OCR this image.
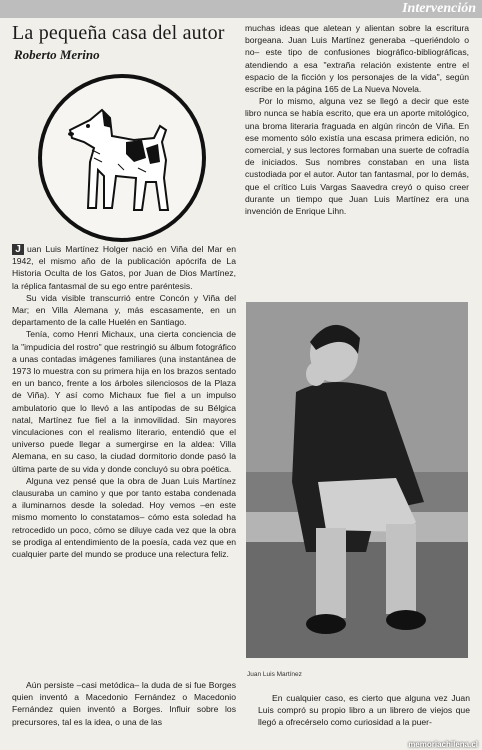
Intervención
La pequeña casa del autor
Roberto Merino

J uan Luis Martínez Holger nació en Viña del Mar en 1942, el mismo año de la publicación apócrifa de La Historia Oculta de los Gatos, por Juan de Dios Martínez, la réplica fantasmal de su ego entre paréntesis.

Su vida visible transcurrió entre Concón y Viña del Mar; en Villa Alemana y, más escasamente, en un departamento de la calle Huelén en Santiago.

Tenía, como Henri Michaux, una cierta conciencia de la "impudicia del rostro" que restringió su álbum fotográfico a unas contadas imágenes familiares (una instantánea de 1973 lo muestra con su primera hija en los brazos sentado en un banco, frente a los árboles silenciosos de la Plaza de Viña). Y así como Michaux fue fiel a un impulso ambulatorio que lo llevó a las antípodas de su Bélgica natal, Martínez fue fiel a la inmovilidad. Sin mayores vinculaciones con el realismo literario, entendió que el universo puede llegar a sumergirse en la aldea: Villa Alemana, en su caso, la ciudad dormitorio donde pasó la última parte de su vida y donde concluyó su obra poética.

Alguna vez pensé que la obra de Juan Luis Martínez clausuraba un camino y que por tanto estaba condenada a iluminarnos desde la soledad. Hoy vemos –en este mismo momento lo constatamos– cómo esta soledad ha retrocedido un poco, cómo se diluye cada vez que la obra se prodiga al entendimiento de la poesía, cada vez que en cualquier parte del mundo se produce una relectura feliz.

muchas ideas que aletean y alientan sobre la escritura borgeana. Juan Luis Martínez generaba –queriéndolo o no– este tipo de confusiones biográfico-bibliográficas, atendiendo a esa "extraña relación existente entre el espacio de la ficción y los personajes de la vida", según escribe en la página 165 de La Nueva Novela.

Por lo mismo, alguna vez se llegó a decir que este libro nunca se había escrito, que era un aporte mitológico, una broma literaria fraguada en algún rincón de Viña. En ese momento sólo existía una escasa primera edición, no comercial, y sus lectores formaban una suerte de cofradía de iniciados. Sus nombres constaban en una lista custodiada por el autor. Autor tan fantasmal, por lo demás, que el crítico Luis Vargas Saavedra creyó o quiso creer durante un tiempo que Juan Luis Martínez era una invención de Enrique Lihn.

Juan Luis Martínez

Aún persiste –casi metódica– la duda de si fue Borges quien inventó a Macedonio Fernández o Macedonio Fernández quien inventó a Borges. Influir sobre los precursores, tal es la idea, o una de las

En cualquier caso, es cierto que alguna vez Juan Luis compró su propio libro a un librero de viejos que llegó a ofrecérselo como curiosidad a la puer-

memoriachilena.cl
